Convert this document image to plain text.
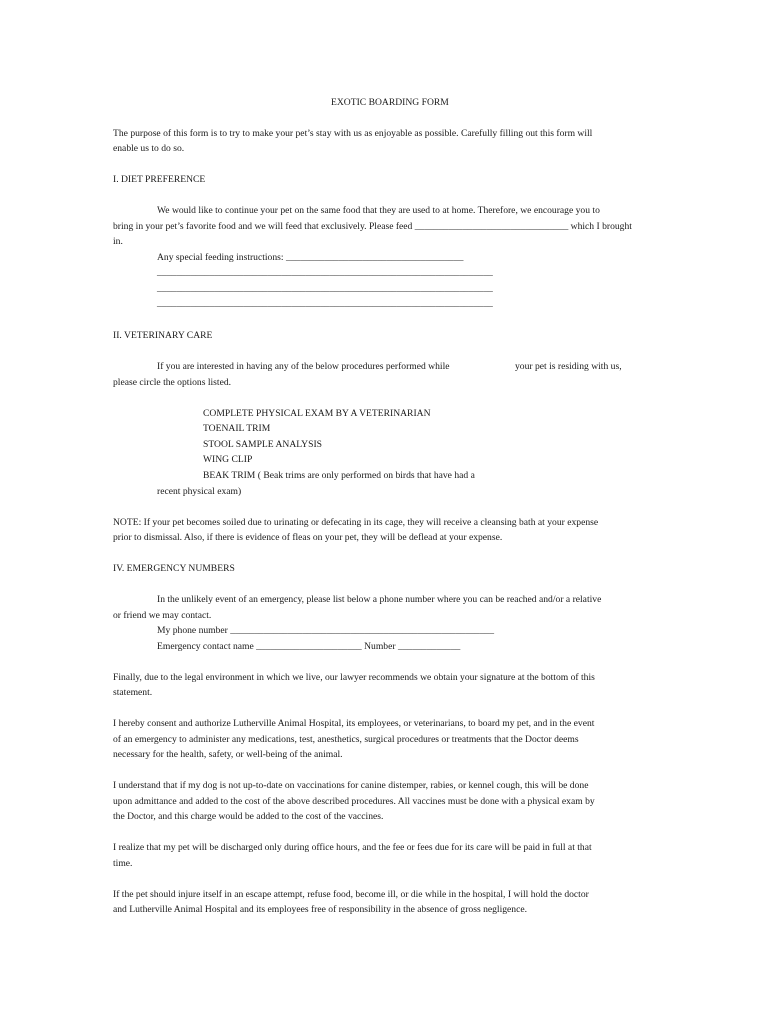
EXOTIC BOARDING FORM
The purpose of this form is to try to make your pet’s stay with us as enjoyable as possible. Carefully filling out this form will
enable us to do so.
I. DIET PREFERENCE
We would like to continue your pet on the same food that they are used to at home. Therefore, we encourage you to
bring in your pet’s favorite food and we will feed that exclusively. Please feed ________________________________ which I brought
in.
Any special feeding instructions: _____________________________________
______________________________________________________________________
______________________________________________________________________
______________________________________________________________________
II. VETERINARY CARE
If you are interested in having any of the below procedures performed while	your pet is residing with us,
please circle the options listed.
COMPLETE PHYSICAL EXAM BY A VETERINARIAN
TOENAIL TRIM
STOOL SAMPLE ANALYSIS
WING CLIP
BEAK TRIM ( Beak trims are only performed on birds that have had a
recent physical exam)
NOTE: If your pet becomes soiled due to urinating or defecating in its cage, they will receive a cleansing bath at your expense
prior to dismissal. Also, if there is evidence of fleas on your pet, they will be deflead at your expense.
IV. EMERGENCY NUMBERS
In the unlikely event of an emergency, please list below a phone number where you can be reached and/or a relative
or friend we may contact.
My phone number _______________________________________________________
Emergency contact name ______________________ Number _____________
Finally, due to the legal environment in which we live, our lawyer recommends we obtain your signature at the bottom of this
statement.
I hereby consent and authorize Lutherville Animal Hospital, its employees, or veterinarians, to board my pet, and in the event
of an emergency to administer any medications, test, anesthetics, surgical procedures or treatments that the Doctor deems
necessary for the health, safety, or well-being of the animal.
I understand that if my dog is not up-to-date on vaccinations for canine distemper, rabies, or kennel cough, this will be done
upon admittance and added to the cost of the above described procedures. All vaccines must be done with a physical exam by
the Doctor, and this charge would be added to the cost of the vaccines.
I realize that my pet will be discharged only during office hours, and the fee or fees due for its care will be paid in full at that
time.
If the pet should injure itself in an escape attempt, refuse food, become ill, or die while in the hospital, I will hold the doctor
and Lutherville Animal Hospital and its employees free of responsibility in the absence of gross negligence.
